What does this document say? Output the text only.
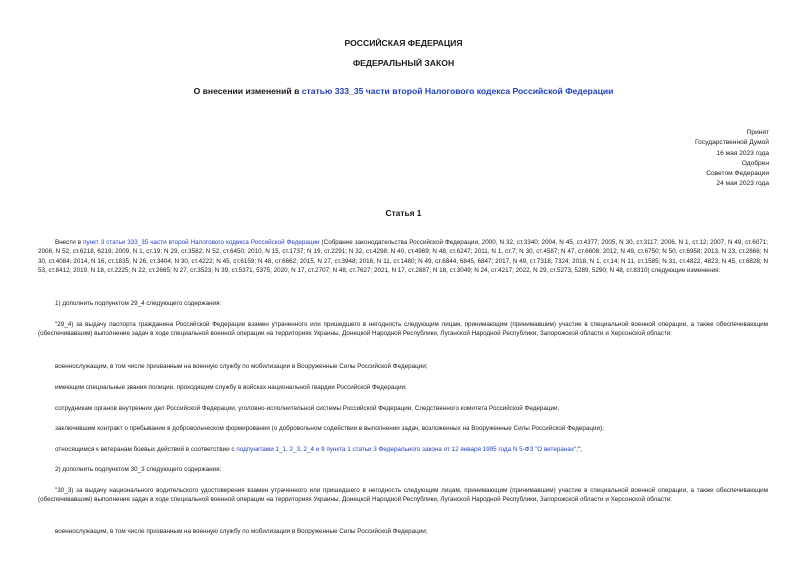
РОССИЙСКАЯ ФЕДЕРАЦИЯ
ФЕДЕРАЛЬНЫЙ ЗАКОН
О внесении изменений в статью 333_35 части второй Налогового кодекса Российской Федерации
Принят
Государственной Думой
16 мая 2023 года
Одобрен
Советом Федерации
24 мая 2023 года
Статья 1

Внести в пункт 3 статьи 333_35 части второй Налогового кодекса Российской Федерации (Собрание законодательства Российской Федерации, 2000, N 32, ст.3340; 2004, N 45, ст.4377; 2005, N 30, ст.3117; 2006, N 1, ст.12; 2007, N 49, ст.6071; 2008, N 52, ст.6218, 6219; 2009, N 1, ст.19; N 29, ст.3582; N 52, ст.6450; 2010, N 15, ст.1737; N 19, ст.2291; N 32, ст.4298; N 40, ст.4969; N 48, ст.6247; 2011, N 1, ст.7; N 30, ст.4587; N 47, ст.6608; 2012, N 49, ст.6750; N 50, ст.6958; 2013, N 23, ст.2866; N 30, ст.4084; 2014, N 16, ст.1835; N 26, ст.3404; N 30, ст.4222; N 45, ст.6159; N 48, ст.6662; 2015, N 27, ст.3948; 2016, N 11, ст.1480; N 49, ст.6844, 6845, 6847; 2017, N 49, ст.7318, 7324; 2018, N 1, ст.14; N 11, ст.1585; N 31, ст.4822, 4823; N 45, ст.6828; N 53, ст.8412; 2019, N 18, ст.2225; N 22, ст.2665; N 27, ст.3523; N 39, ст.5371, 5375; 2020, N 17, ст.2707; N 48, ст.7627; 2021, N 17, ст.2887; N 18, ст.3049; N 24, ст.4217; 2022, N 29, ст.5273, 5289, 5290; N 48, ст.8310) следующие изменения:

1) дополнить подпунктом 29_4 следующего содержания:

"29_4) за выдачу паспорта гражданина Российской Федерации взамен утраченного или пришедшего в негодность следующим лицам, принимающим (принимавшим) участие в специальной военной операции, а также обеспечивающим (обеспечивавшим) выполнение задач в ходе специальной военной операции на территориях Украины, Донецкой Народной Республики, Луганской Народной Республики, Запорожской области и Херсонской области:

военнослужащим, в том числе призванным на военную службу по мобилизации в Вооруженные Силы Российской Федерации;
имеющим специальные звания полиции, проходящим службу в войсках национальной гвардии Российской Федерации;
сотрудникам органов внутренних дел Российской Федерации, уголовно-исполнительной системы Российской Федерации, Следственного комитета Российской Федерации;
заключившим контракт о пребывании в добровольческом формировании (о добровольном содействии в выполнении задач, возложенных на Вооруженные Силы Российской Федерации);
относящимся к ветеранам боевых действий в соответствии с подпунктами 1_1, 2_3, 2_4 и 9 пункта 1 статьи 3 Федерального закона от 12 января 1995 года N 5-ФЗ "О ветеранах";";
2) дополнить подпунктом 30_3 следующего содержания:

"30_3) за выдачу национального водительского удостоверения взамен утраченного или пришедшего в негодность следующим лицам, принимающим (принимавшим) участие в специальной военной операции, а также обеспечивающим (обеспечивавшим) выполнение задач в ходе специальной военной операции на территориях Украины, Донецкой Народной Республики, Луганской Народной Республики, Запорожской области и Херсонской области:

военнослужащим, в том числе призванным на военную службу по мобилизации в Вооруженные Силы Российской Федерации;
